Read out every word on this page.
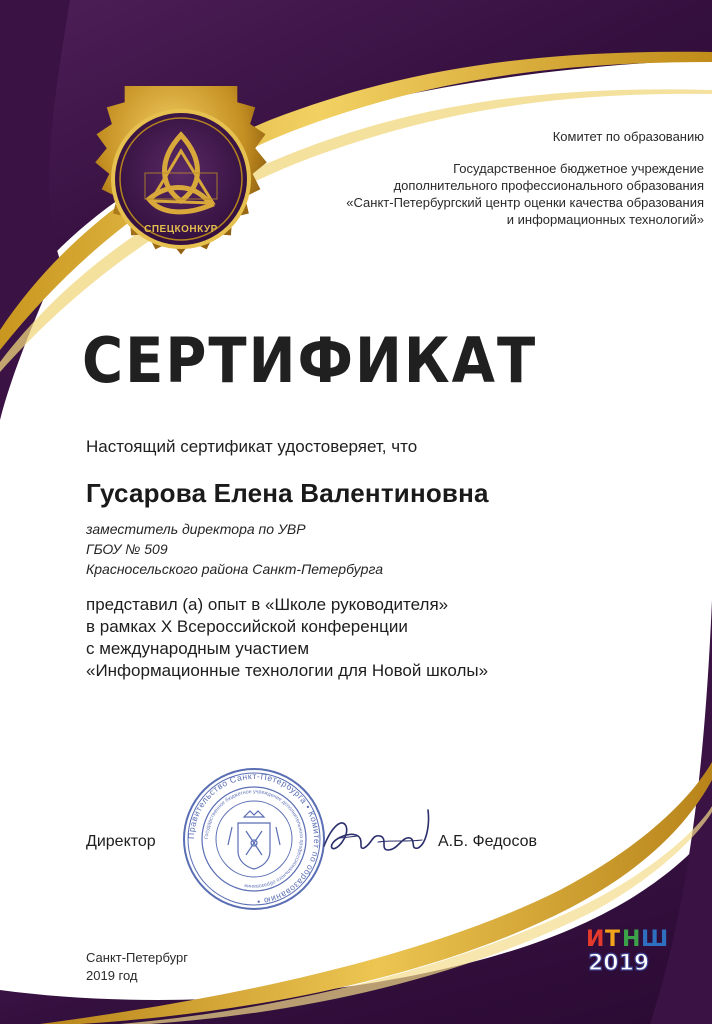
СПЕЦКОНКУР
Комитет по образованию
Государственное бюджетное учреждение
дополнительного профессионального образования
«Санкт-Петербургский центр оценки качества образования
и информационных технологий»
СЕРТИФИКАТ

Настоящий сертификат удостоверяет, что

Гусарова Елена Валентиновна

заместитель директора по УВР
ГБОУ № 509
Красносельского района Санкт-Петербурга
представил (а) опыт в «Школе руководителя»
в рамках X Всероссийской конференции
с международным участием
«Информационные технологии для Новой школы»
Правительство Санкт-Петербурга • Комитет по образованию •
Государственное бюджетное учреждение дополнительного профессионального образования

Директор	А.Б. Федосов

Санкт-Петербург
2019 год
И Т Н Ш
2019
